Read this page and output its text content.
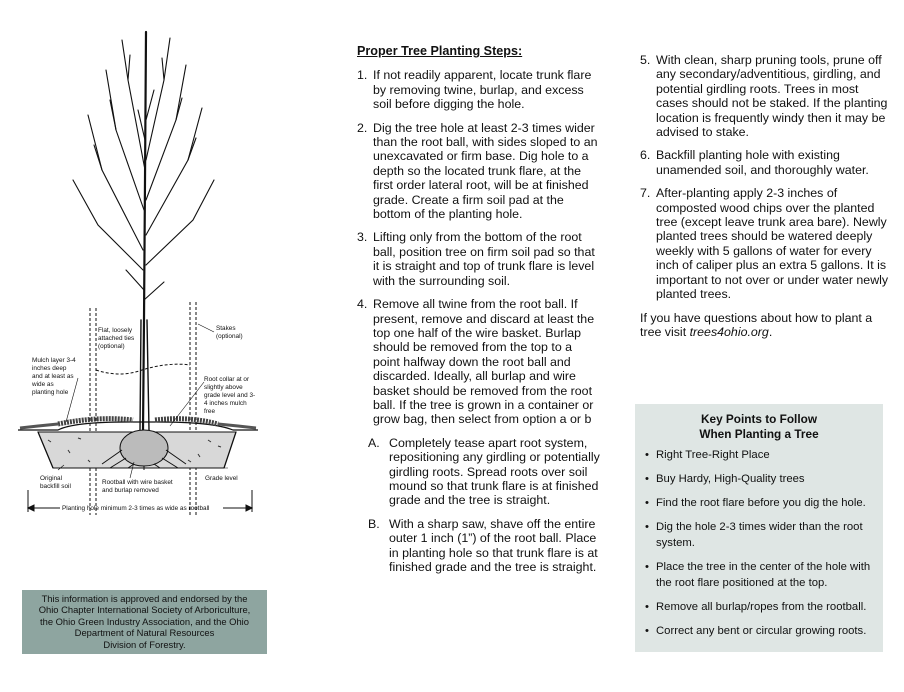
Flat, loosely attached ties (optional)
Stakes (optional)
Mulch layer 3-4 inches deep and at least as wide as planting hole
Root collar at or slightly above grade level and 3- 4 inches mulch free
Original backfill soil
Rootball with wire basket and burlap removed
Grade level
Planting hole minimum 2-3 times as wide as rootball
This information is approved and endorsed by the
Ohio Chapter International Society of Arboriculture,
the Ohio Green Industry Association, and the Ohio
Department of Natural Resources
Division of Forestry.
Proper Tree Planting Steps:
1. If not readily apparent, locate trunk flare by removing twine, burlap, and excess soil before digging the hole.
2. Dig the tree hole at least 2-3 times wider than the root ball, with sides sloped to an unexcavated or firm base. Dig hole to a depth so the located trunk flare, at the first order lateral root, will be at finished grade. Create a firm soil pad at the bottom of the planting hole.
3. Lifting only from the bottom of the root ball, position tree on firm soil pad so that it is straight and top of trunk flare is level with the surrounding soil.
4. Remove all twine from the root ball. If present, remove and discard at least the top one half of the wire basket. Burlap should be removed from the top to a point halfway down the root ball and discarded. Ideally, all burlap and wire basket should be removed from the root ball. If the tree is grown in a container or grow bag, then select from option a or b
A. Completely tease apart root system, repositioning any girdling or potentially girdling roots. Spread roots over soil mound so that trunk flare is at finished grade and the tree is straight.
B. With a sharp saw, shave off the entire outer 1 inch (1”) of the root ball. Place in planting hole so that trunk flare is at finished grade and the tree is straight.
5. With clean, sharp pruning tools, prune off any secondary/adventitious, girdling, and potential girdling roots. Trees in most cases should not be staked. If the planting location is frequently windy then it may be advised to stake.
6. Backfill planting hole with existing unamended soil, and thoroughly water.
7. After-planting apply 2-3 inches of composted wood chips over the planted tree (except leave trunk area bare). Newly planted trees should be watered deeply weekly with 5 gallons of water for every inch of caliper plus an extra 5 gallons. It is important to not over or under water newly planted trees.
If you have questions about how to plant a tree visit trees4ohio.org.
Key Points to Follow
When Planting a Tree
• Right Tree-Right Place
• Buy Hardy, High-Quality trees
• Find the root flare before you dig the hole.
• Dig the hole 2-3 times wider than the root system.
• Place the tree in the center of the hole with the root flare positioned at the top.
• Remove all burlap/ropes from the rootball.
• Correct any bent or circular growing roots.
